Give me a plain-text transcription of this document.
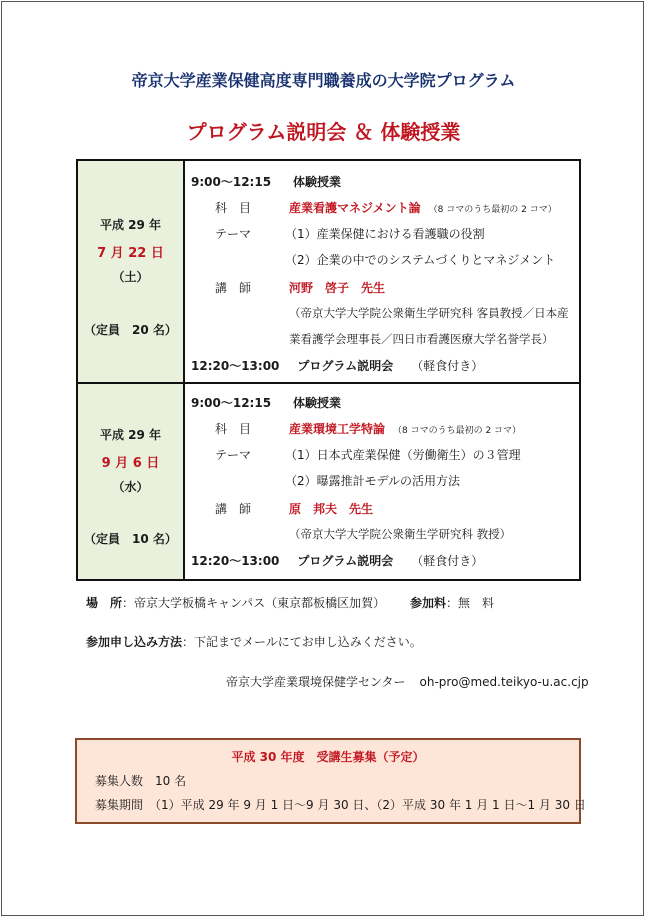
帝京大学産業保健高度専門職養成の大学院プログラム
プログラム説明会 ＆ 体験授業
平成 29 年
7 月 22 日
（土）
（定員　20 名）
9:00～12:15 体験授業
科　目	産業看護マネジメント論 （8 コマのうち最初の 2 コマ）
テーマ	（1）産業保健における看護職の役割
（2）企業の中でのシステムづくりとマネジメント
講　師	河野　啓子　先生
（帝京大学大学院公衆衛生学研究科 客員教授／日本産
業看護学会理事長／四日市看護医療大学名誉学長）
12:20～13:00 プログラム説明会 （軽食付き）
平成 29 年
9 月 6 日
（水）
（定員　10 名）
9:00～12:15 体験授業
科　目	産業環境工学特論 （8 コマのうち最初の 2 コマ）
テーマ	（1）日本式産業保健（労働衛生）の３管理
（2）曝露推計モデルの活用方法
講　師	原　邦夫　先生
（帝京大学大学院公衆衛生学研究科 教授）
12:20～13:00 プログラム説明会 （軽食付き）
場　所：帝京大学板橋キャンパス（東京都板橋区加賀） 参加料：無　料
参加申し込み方法：下記までメールにてお申し込みください。
帝京大学産業環境保健学センター oh-pro@med.teikyo-u.ac.cjp
平成 30 年度　受講生募集（予定）
募集人数　10 名
募集期間　（1）平成 29 年 9 月 1 日～9 月 30 日、（2）平成 30 年 1 月 1 日～1 月 30 日
